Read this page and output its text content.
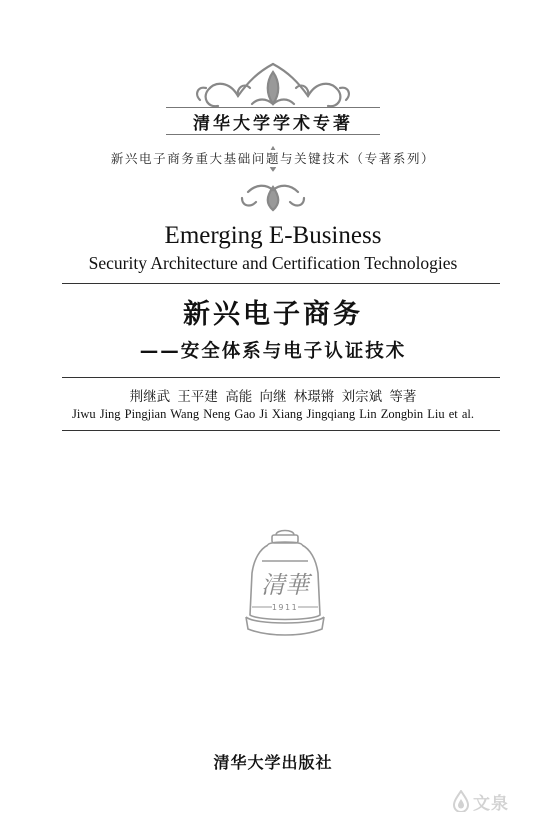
清华大学学术专著
新兴电子商务重大基础问题与关键技术（专著系列）
Emerging E-Business
Security Architecture and Certification Technologies
新兴电子商务
——安全体系与电子认证技术
荆继武 王平建 高能 向继 林璟锵 刘宗斌 等著
Jiwu Jing Pingjian Wang Neng Gao Ji Xiang Jingqiang Lin Zongbin Liu et al.
清華
1911
清华大学出版社
文泉
